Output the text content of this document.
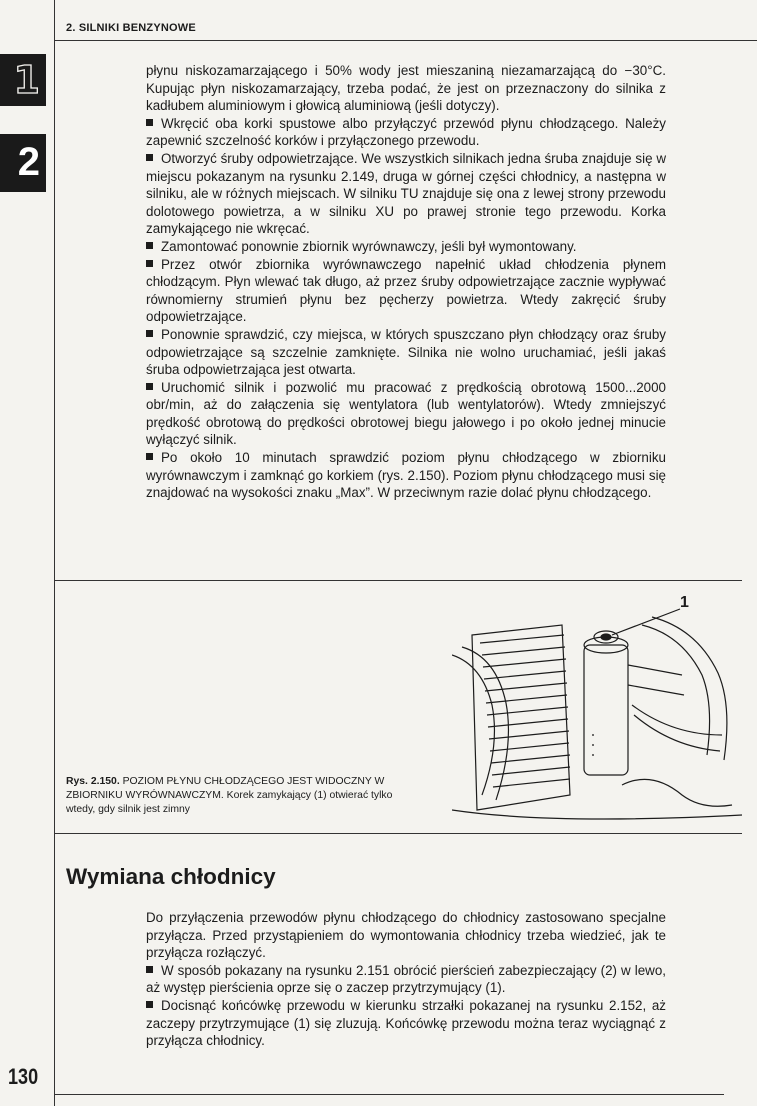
2. SILNIKI BENZYNOWE
1
2

płynu niskozamarzającego i 50% wody jest mieszaniną niezamarzającą do −30°C. Kupując płyn niskozamarzający, trzeba podać, że jest on przeznaczony do silnika z kadłubem aluminiowym i głowicą aluminiową (jeśli dotyczy).

Wkręcić oba korki spustowe albo przyłączyć przewód płynu chłodzącego. Należy zapewnić szczelność korków i przyłączonego przewodu.

Otworzyć śruby odpowietrzające. We wszystkich silnikach jedna śruba znajduje się w miejscu pokazanym na rysunku 2.149, druga w górnej części chłodnicy, a następna w silniku, ale w różnych miejscach. W silniku TU znajduje się ona z lewej strony przewodu dolotowego powietrza, a w silniku XU po prawej stronie tego przewodu. Korka zamykającego nie wkręcać.

Zamontować ponownie zbiornik wyrównawczy, jeśli był wymontowany.

Przez otwór zbiornika wyrównawczego napełnić układ chłodzenia płynem chłodzącym. Płyn wlewać tak długo, aż przez śruby odpowietrzające zacznie wypływać równomierny strumień płynu bez pęcherzy powietrza. Wtedy zakręcić śruby odpowietrzające.

Ponownie sprawdzić, czy miejsca, w których spuszczano płyn chłodzący oraz śruby odpowietrzające są szczelnie zamknięte. Silnika nie wolno uruchamiać, jeśli jakaś śruba odpowietrzająca jest otwarta.

Uruchomić silnik i pozwolić mu pracować z prędkością obrotową 1500...2000 obr/min, aż do załączenia się wentylatora (lub wentylatorów). Wtedy zmniejszyć prędkość obrotową do prędkości obrotowej biegu jałowego i po około jednej minucie wyłączyć silnik.

Po około 10 minutach sprawdzić poziom płynu chłodzącego w zbiorniku wyrównawczym i zamknąć go korkiem (rys. 2.150). Poziom płynu chłodzącego musi się znajdować na wysokości znaku „Max”. W przeciwnym razie dolać płynu chłodzącego.

1
Rys. 2.150. POZIOM PŁYNU CHŁODZĄCEGO JEST WIDOCZNY W ZBIORNIKU WYRÓWNAWCZYM. Korek zamykający (1) otwierać tylko wtedy, gdy silnik jest zimny
Wymiana chłodnicy

Do przyłączenia przewodów płynu chłodzącego do chłodnicy zastosowano specjalne przyłącza. Przed przystąpieniem do wymontowania chłodnicy trzeba wiedzieć, jak te przyłącza rozłączyć.

W sposób pokazany na rysunku 2.151 obrócić pierścień zabezpieczający (2) w lewo, aż występ pierścienia oprze się o zaczep przytrzymujący (1).

Docisnąć końcówkę przewodu w kierunku strzałki pokazanej na rysunku 2.152, aż zaczepy przytrzymujące (1) się zluzują. Końcówkę przewodu można teraz wyciągnąć z przyłącza chłodnicy.

130
